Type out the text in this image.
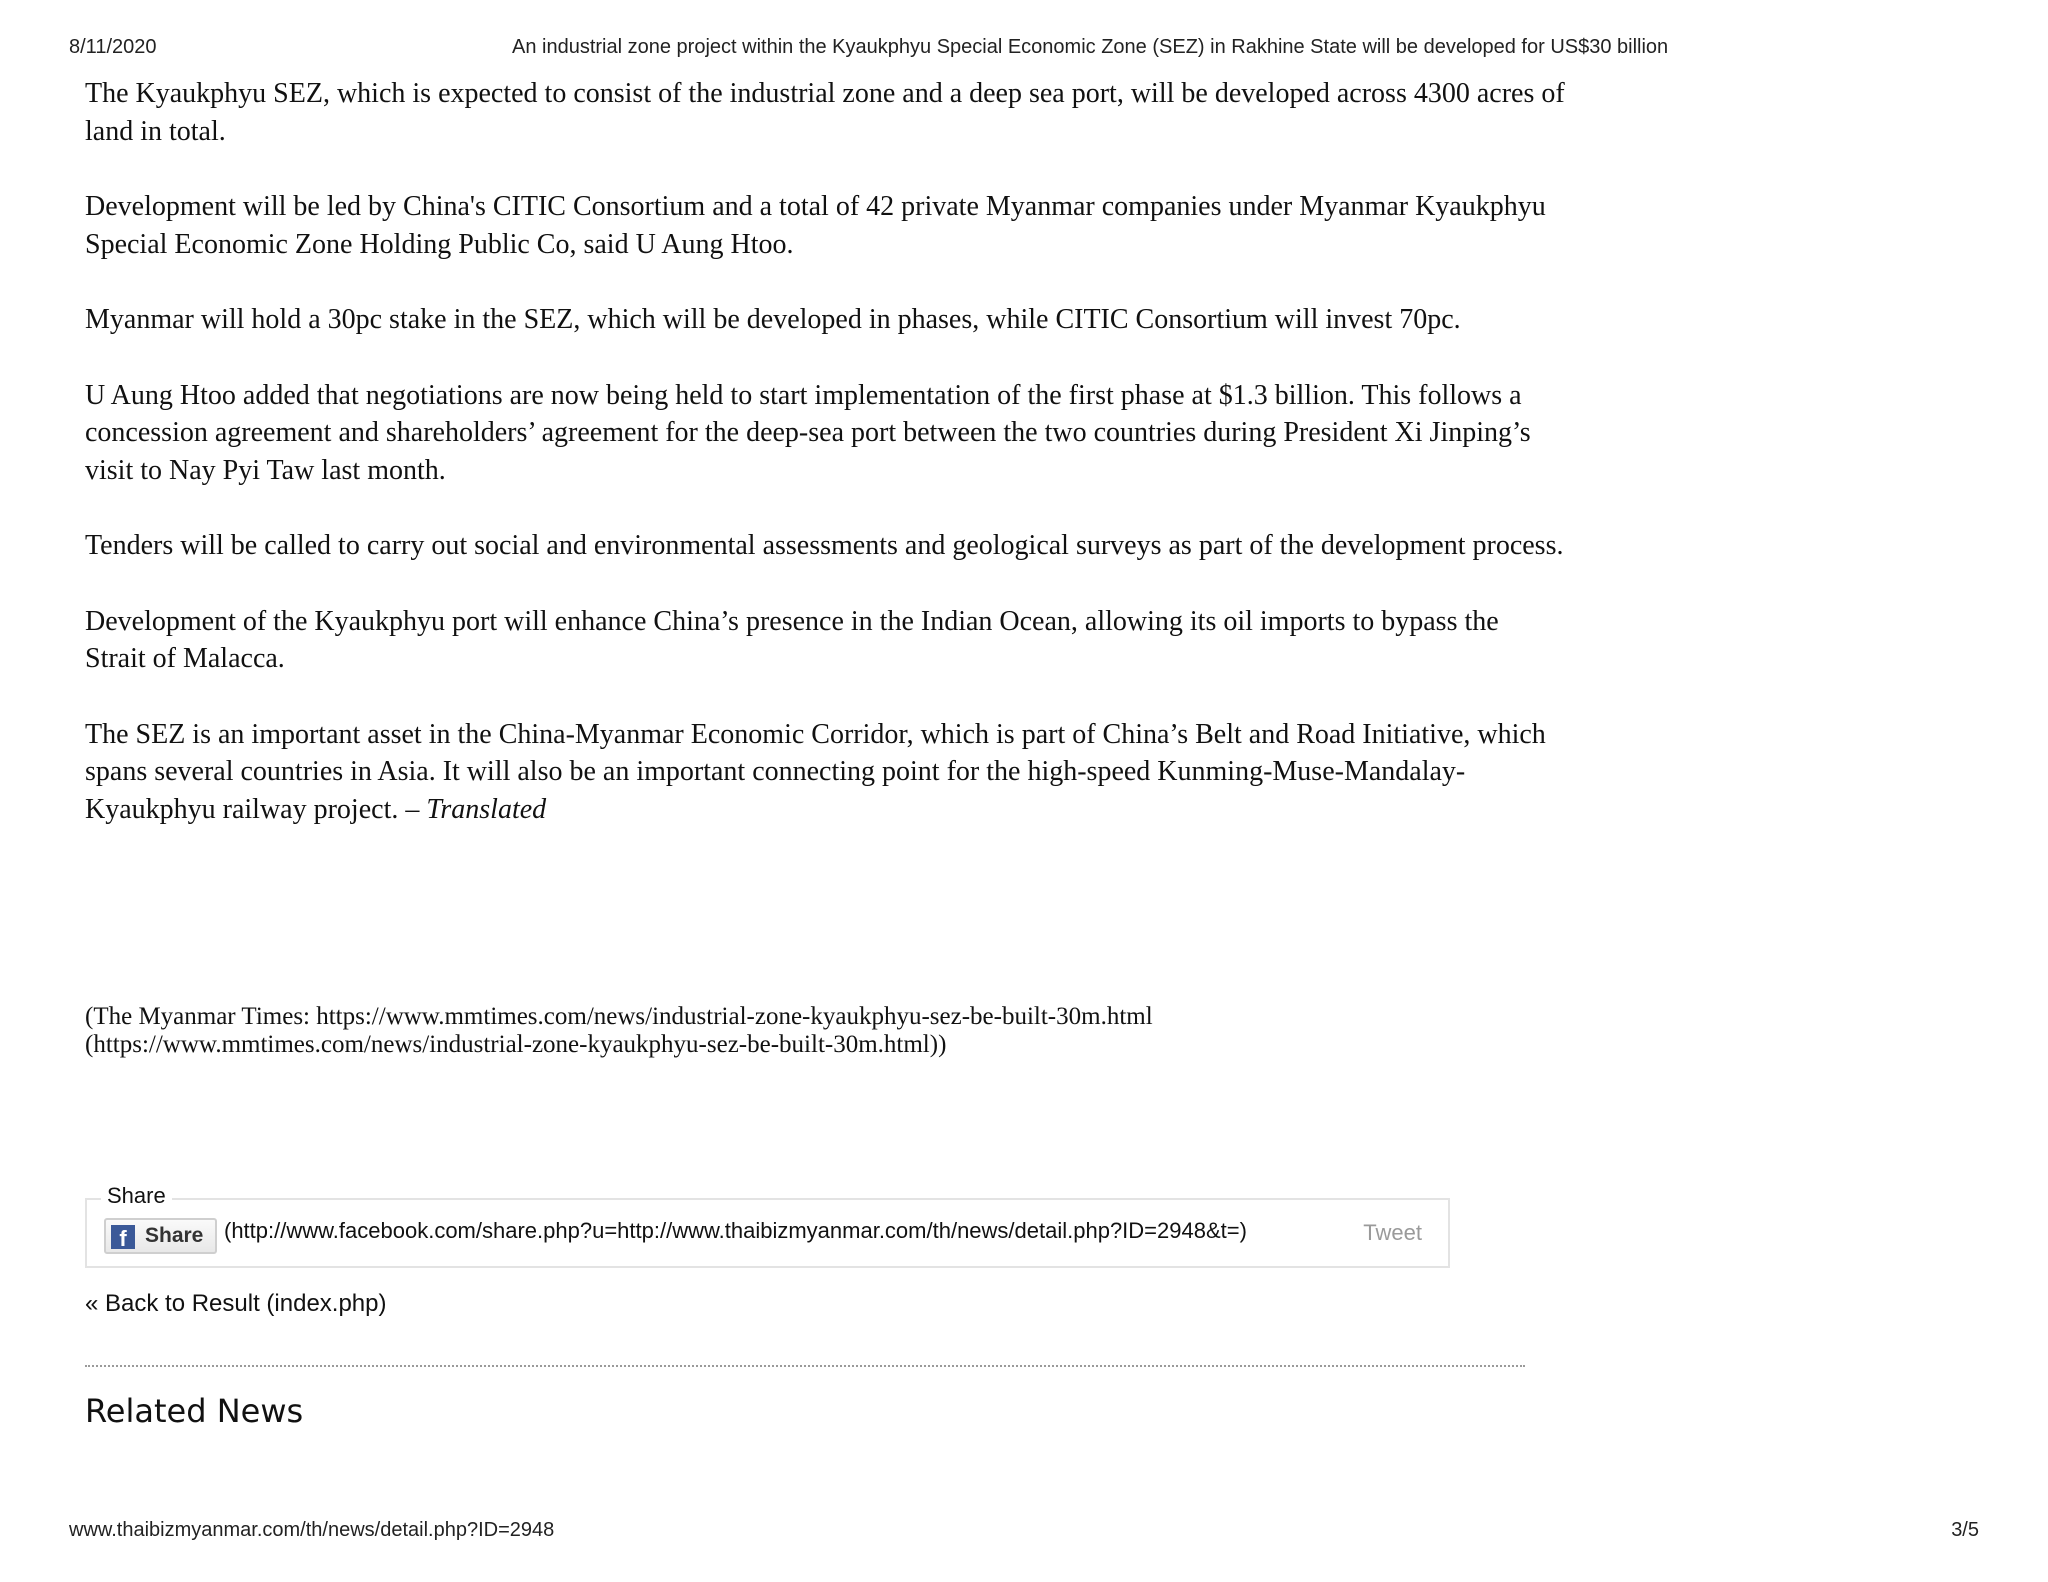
8/11/2020	An industrial zone project within the Kyaukphyu Special Economic Zone (SEZ) in Rakhine State will be developed for US$30 billion

The Kyaukphyu SEZ, which is expected to consist of the industrial zone and a deep sea port, will be developed across 4300 acres of land in total.

Development will be led by China's CITIC Consortium and a total of 42 private Myanmar companies under Myanmar Kyaukphyu Special Economic Zone Holding Public Co, said U Aung Htoo.

Myanmar will hold a 30pc stake in the SEZ, which will be developed in phases, while CITIC Consortium will invest 70pc.

U Aung Htoo added that negotiations are now being held to start implementation of the first phase at $1.3 billion. This follows a concession agreement and shareholders’ agreement for the deep-sea port between the two countries during President Xi Jinping’s visit to Nay Pyi Taw last month.

Tenders will be called to carry out social and environmental assessments and geological surveys as part of the development process.

Development of the Kyaukphyu port will enhance China’s presence in the Indian Ocean, allowing its oil imports to bypass the Strait of Malacca.

The SEZ is an important asset in the China-Myanmar Economic Corridor, which is part of China’s Belt and Road Initiative, which spans several countries in Asia. It will also be an important connecting point for the high-speed Kunming-Muse-Mandalay-Kyaukphyu railway project. – Translated

(The Myanmar Times: https://www.mmtimes.com/news/industrial-zone-kyaukphyu-sez-be-built-30m.html
(https://www.mmtimes.com/news/industrial-zone-kyaukphyu-sez-be-built-30m.html))
Share
f Share (http://www.facebook.com/share.php?u=http://www.thaibizmyanmar.com/th/news/detail.php?ID=2948&t=)	Tweet
« Back to Result (index.php)
Related News
www.thaibizmyanmar.com/th/news/detail.php?ID=2948	3/5
